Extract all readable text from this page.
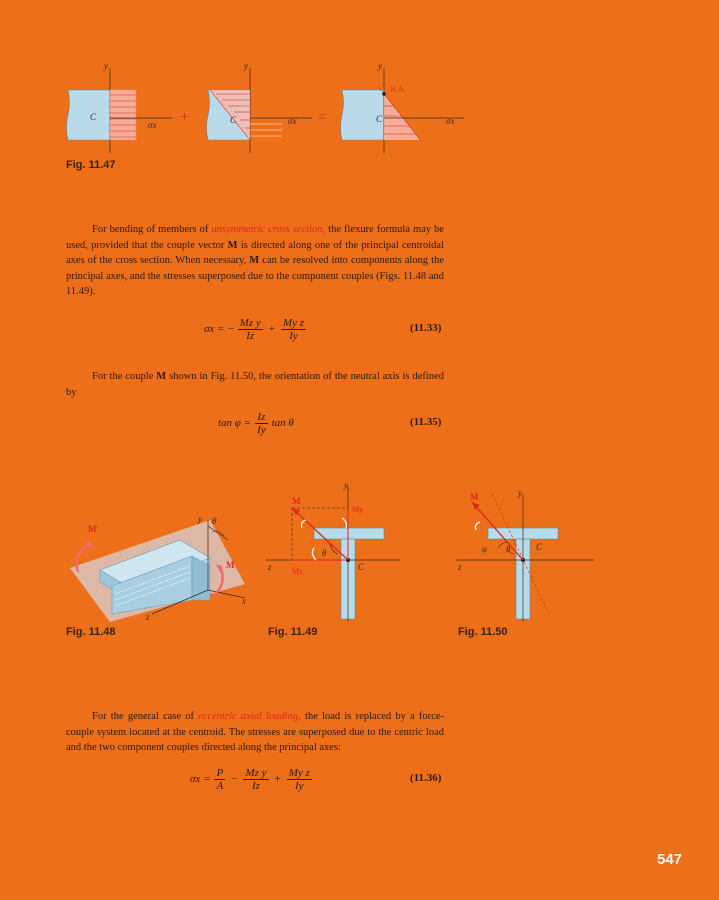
y
C
σx +
y
C	σx =
y
N.A.
C	σx
Fig. 11.47

For bending of members of unsymmetric cross section, the flexure formula may be used, provided that the couple vector M is directed along one of the principal centroidal axes of the cross section. When necessary, M can be resolved into components along the principal axes, and the stresses superposed due to the component couples (Figs. 11.48 and 11.49).

σx = − $\frac{\text{Mz y}}{Iz} + \frac{\text{My z}}{Iy}$	(11.33)

For the couple M shown in Fig. 11.50, the orientation of the neutral axis is defined by

$\tan \varphi = \frac{Iz}{Iy}$ tan θ	(11.35)
M′
M
y θ
z
x
Fig. 11.48
M
My
Mz
y
z	C
θ
Fig. 11.49
M	y
z
C
φ θ
Fig. 11.50

For the general case of eccentric axial loading, the load is replaced by a force-couple system located at the centroid. The stresses are superposed due to the centric load and the two component couples directed along the principal axes:

$\sigma x = \frac{P}{A} - \frac{\text{Mz y}}{Iz} + \frac{\text{My z}}{Iy}$	(11.36)
547
